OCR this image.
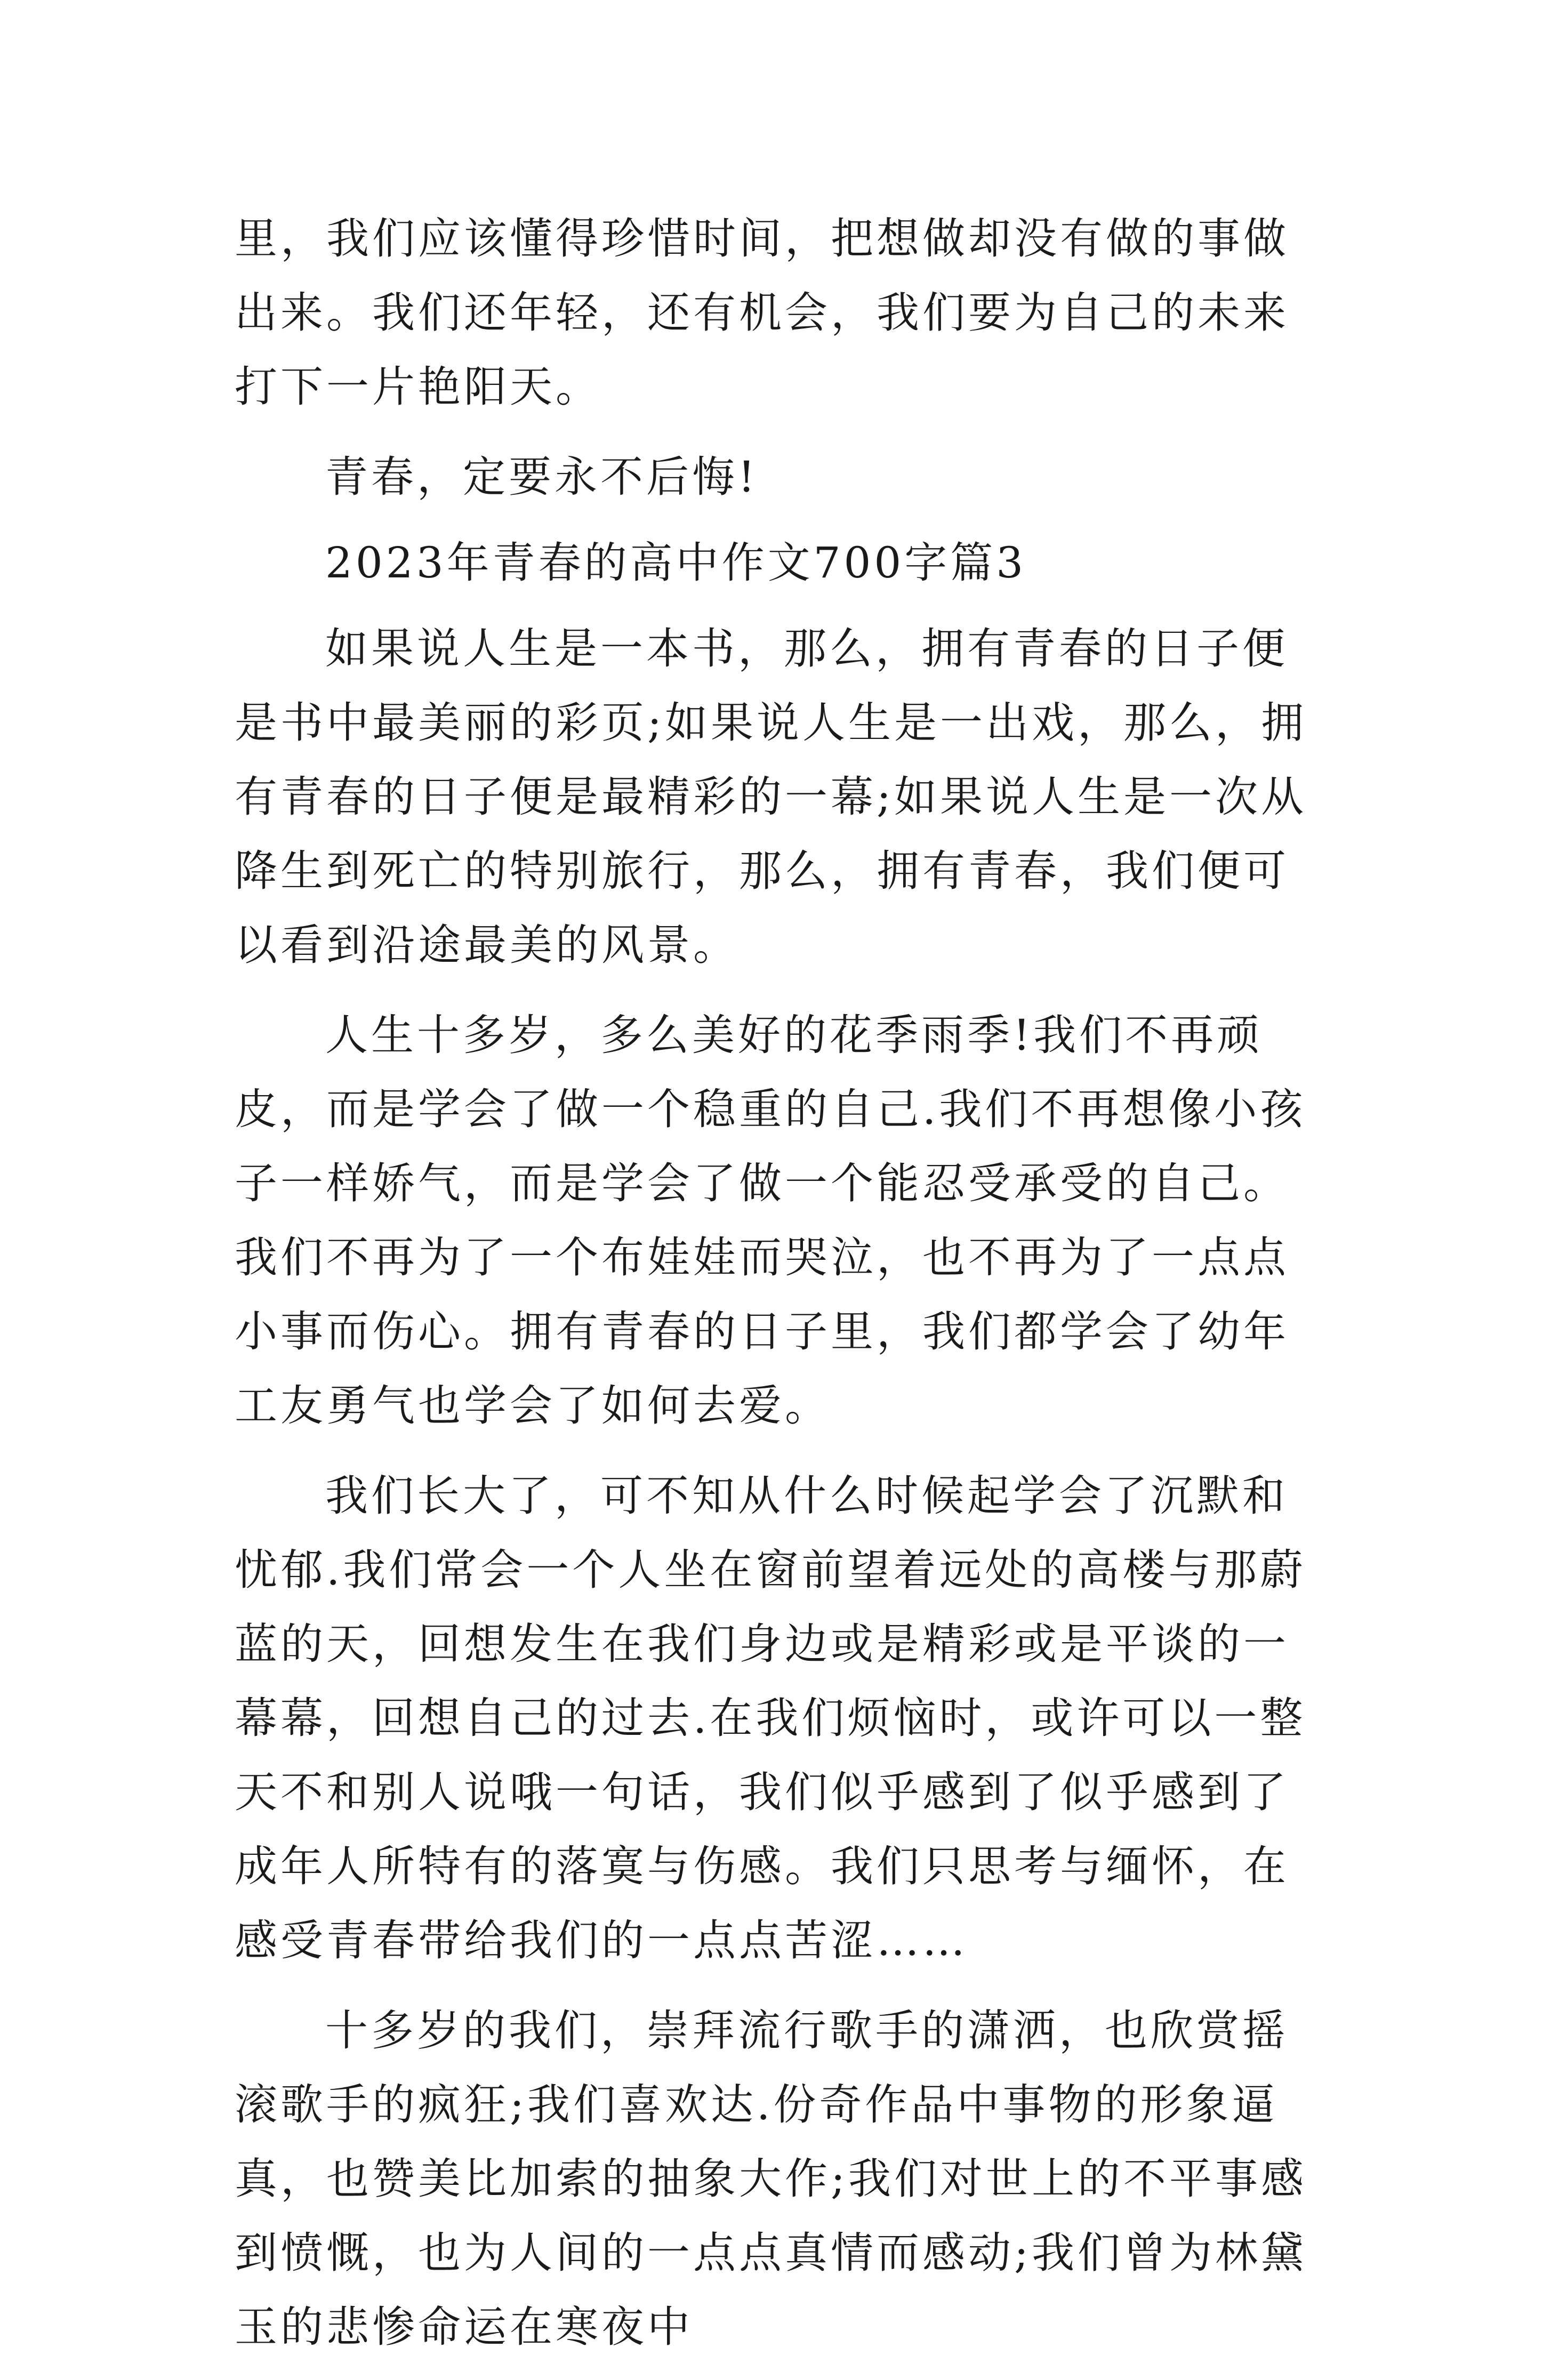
里，我们应该懂得珍惜时间，把想做却没有做的事做出来。我们还年轻，还有机会，我们要为自己的未来打下一片艳阳天。

青春，定要永不后悔!

2023年青春的高中作文700字篇3

如果说人生是一本书，那么，拥有青春的日子便是书中最美丽的彩页;如果说人生是一出戏，那么，拥有青春的日子便是最精彩的一幕;如果说人生是一次从降生到死亡的特别旅行，那么，拥有青春，我们便可以看到沿途最美的风景。

人生十多岁，多么美好的花季雨季!我们不再顽皮，而是学会了做一个稳重的自己.我们不再想像小孩子一样娇气，而是学会了做一个能忍受承受的自己。我们不再为了一个布娃娃而哭泣，也不再为了一点点小事而伤心。拥有青春的日子里，我们都学会了幼年工友勇气也学会了如何去爱。

我们长大了，可不知从什么时候起学会了沉默和忧郁.我们常会一个人坐在窗前望着远处的高楼与那蔚蓝的天，回想发生在我们身边或是精彩或是平谈的一幕幕，回想自己的过去.在我们烦恼时，或许可以一整天不和别人说哦一句话，我们似乎感到了似乎感到了成年人所特有的落寞与伤感。我们只思考与缅怀，在感受青春带给我们的一点点苦涩……

十多岁的我们，崇拜流行歌手的潇洒，也欣赏摇滚歌手的疯狂;我们喜欢达.份奇作品中事物的形象逼真，也赞美比加索的抽象大作;我们对世上的不平事感到愤慨，也为人间的一点点真情而感动;我们曾为林黛玉的悲惨命运在寒夜中
